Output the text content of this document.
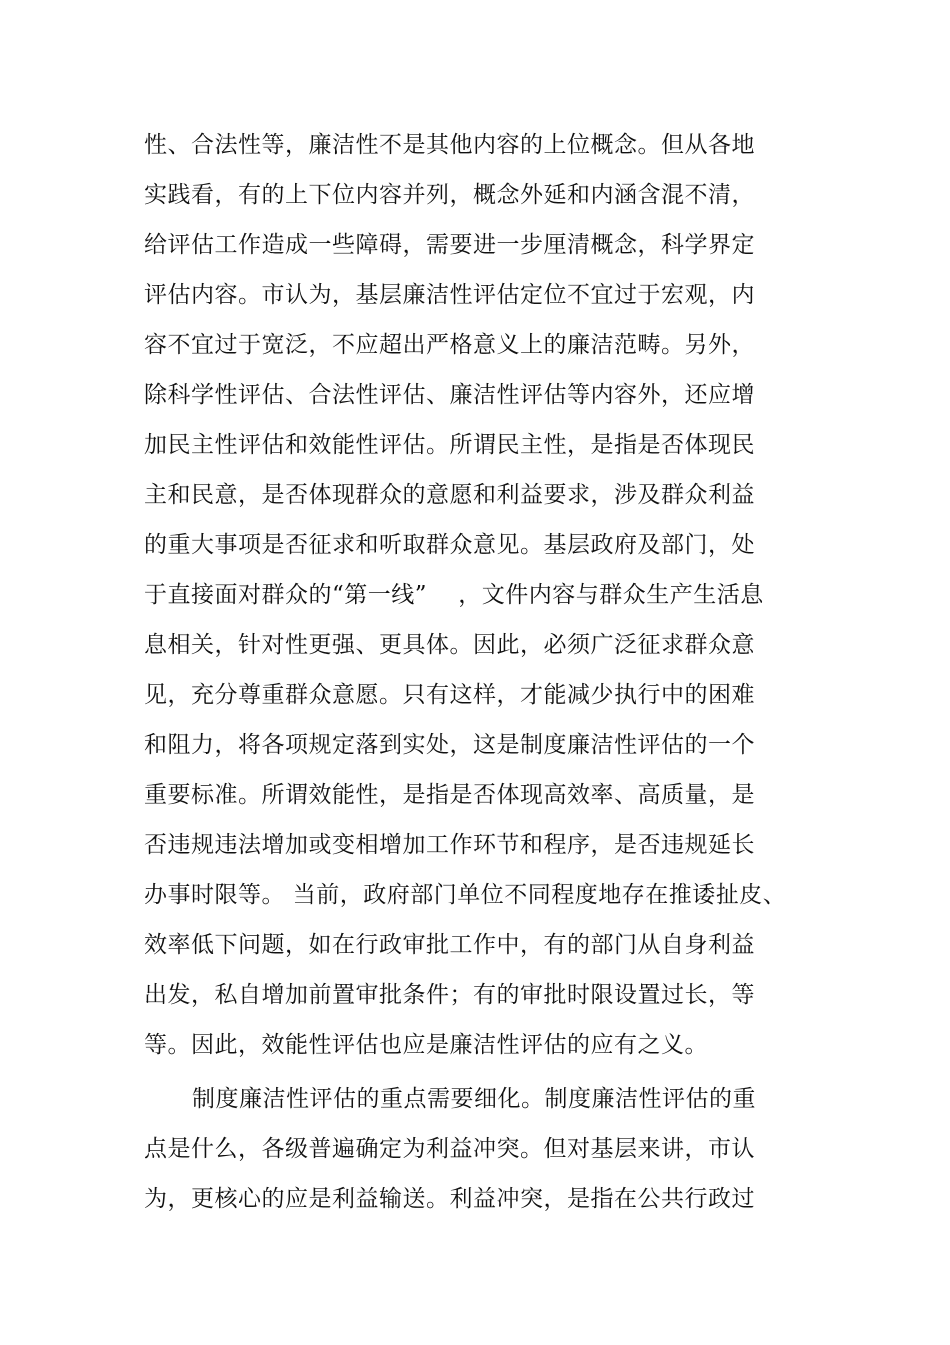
性、合法性等，廉洁性不是其他内容的上位概念。但从各地
实践看，有的上下位内容并列，概念外延和内涵含混不清，
给评估工作造成一些障碍，需要进一步厘清概念，科学界定
评估内容。市认为，基层廉洁性评估定位不宜过于宏观，内
容不宜过于宽泛，不应超出严格意义上的廉洁范畴。另外，
除科学性评估、合法性评估、廉洁性评估等内容外，还应增
加民主性评估和效能性评估。所谓民主性，是指是否体现民
主和民意，是否体现群众的意愿和利益要求，涉及群众利益
的重大事项是否征求和听取群众意见。基层政府及部门，处
于直接面对群众的“第一线”    ，文件内容与群众生产生活息
息相关，针对性更强、更具体。因此，必须广泛征求群众意
见，充分尊重群众意愿。只有这样，才能减少执行中的困难
和阻力，将各项规定落到实处，这是制度廉洁性评估的一个
重要标准。所谓效能性，是指是否体现高效率、高质量，是
否违规违法增加或变相增加工作环节和程序，是否违规延长
办事时限等。 当前，政府部门单位不同程度地存在推诿扯皮、
效率低下问题，如在行政审批工作中，有的部门从自身利益
出发，私自增加前置审批条件；有的审批时限设置过长，等
等。因此，效能性评估也应是廉洁性评估的应有之义。
制度廉洁性评估的重点需要细化。制度廉洁性评估的重
点是什么，各级普遍确定为利益冲突。但对基层来讲，市认
为，更核心的应是利益输送。利益冲突，是指在公共行政过
